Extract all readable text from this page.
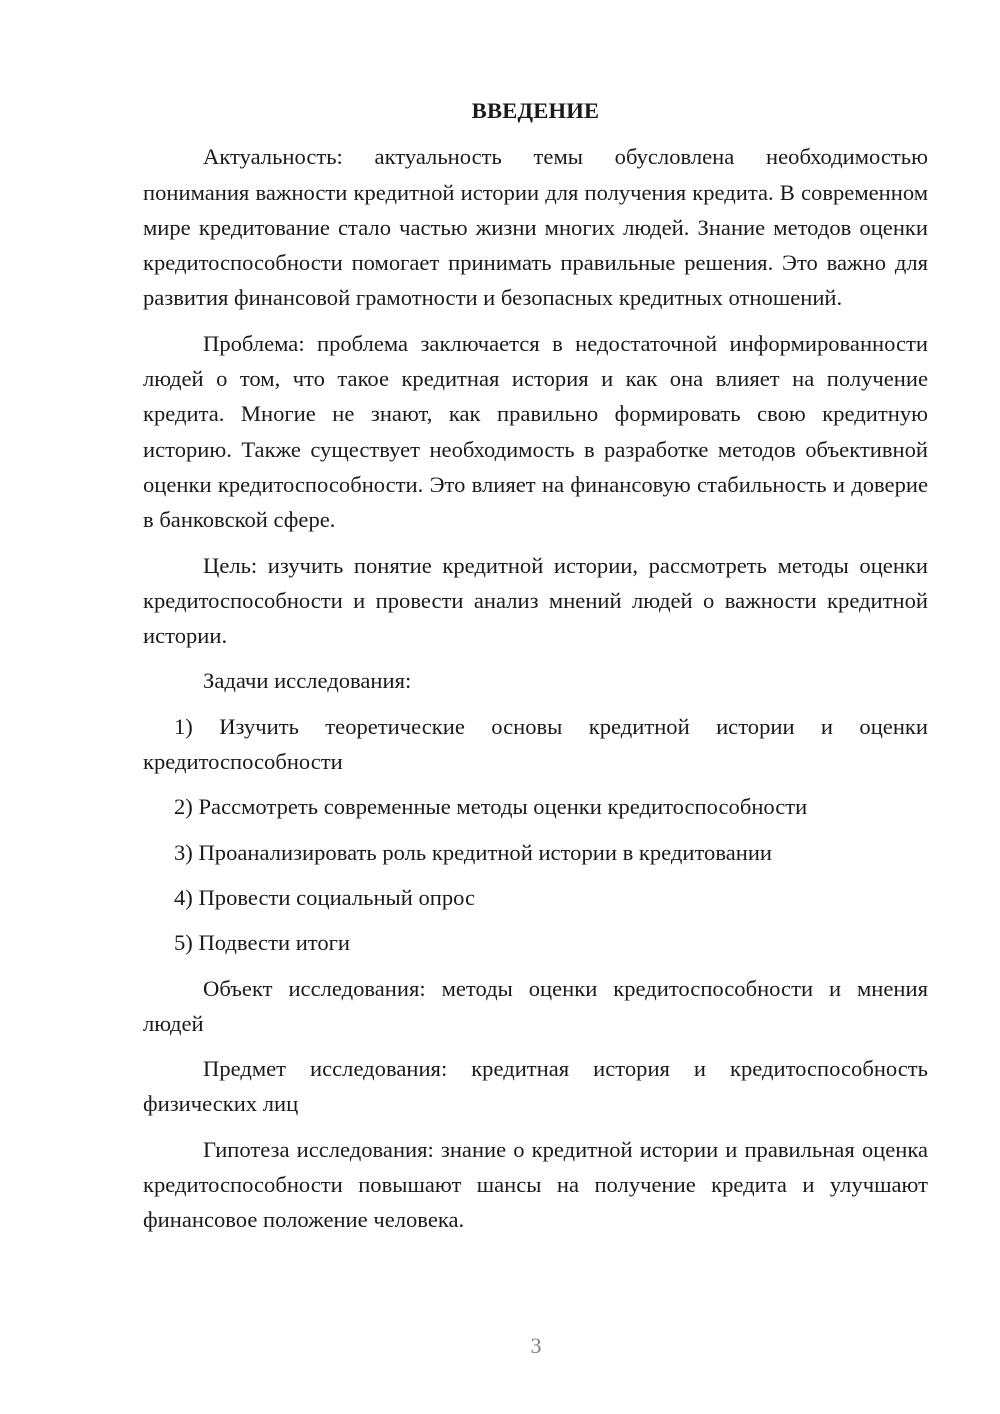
ВВЕДЕНИЕ

Актуальность: актуальность темы обусловлена необходимостью понимания важности кредитной истории для получения кредита. В современном мире кредитование стало частью жизни многих людей. Знание методов оценки кредитоспособности помогает принимать правильные решения. Это важно для развития финансовой грамотности и безопасных кредитных отношений.

Проблема: проблема заключается в недостаточной информированности людей о том, что такое кредитная история и как она влияет на получение кредита. Многие не знают, как правильно формировать свою кредитную историю. Также существует необходимость в разработке методов объективной оценки кредитоспособности. Это влияет на финансовую стабильность и доверие в банковской сфере.

Цель: изучить понятие кредитной истории, рассмотреть методы оценки кредитоспособности и провести анализ мнений людей о важности кредитной истории.

Задачи исследования:

1) Изучить теоретические основы кредитной истории и оценки кредитоспособности
2) Рассмотреть современные методы оценки кредитоспособности
3) Проанализировать роль кредитной истории в кредитовании
4) Провести социальный опрос
5) Подвести итоги

Объект исследования: методы оценки кредитоспособности и мнения людей

Предмет исследования: кредитная история и кредитоспособность физических лиц

Гипотеза исследования: знание о кредитной истории и правильная оценка кредитоспособности повышают шансы на получение кредита и улучшают финансовое положение человека.

3
